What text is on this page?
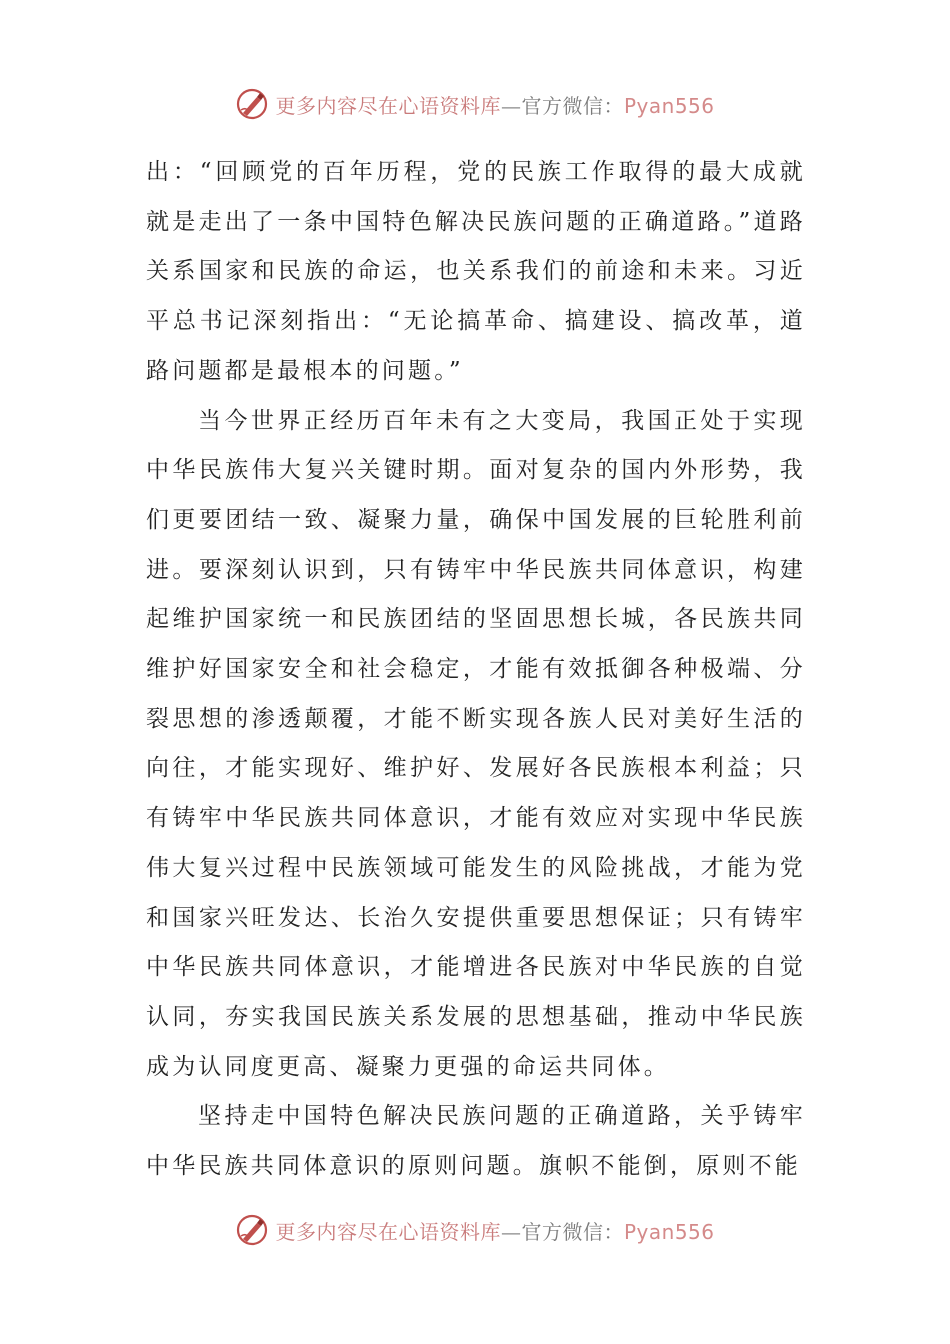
更多内容尽在心语资料库—官方微信：Pyan556

出：“回顾党的百年历程，党的民族工作取得的最大成就就是走出了一条中国特色解决民族问题的正确道路。”道路关系国家和民族的命运，也关系我们的前途和未来。习近平总书记深刻指出：“无论搞革命、搞建设、搞改革，道路问题都是最根本的问题。”

当今世界正经历百年未有之大变局，我国正处于实现中华民族伟大复兴关键时期。面对复杂的国内外形势，我们更要团结一致、凝聚力量，确保中国发展的巨轮胜利前进。要深刻认识到，只有铸牢中华民族共同体意识，构建起维护国家统一和民族团结的坚固思想长城，各民族共同维护好国家安全和社会稳定，才能有效抵御各种极端、分裂思想的渗透颠覆，才能不断实现各族人民对美好生活的向往，才能实现好、维护好、发展好各民族根本利益；只有铸牢中华民族共同体意识，才能有效应对实现中华民族伟大复兴过程中民族领域可能发生的风险挑战，才能为党和国家兴旺发达、长治久安提供重要思想保证；只有铸牢中华民族共同体意识，才能增进各民族对中华民族的自觉认同，夯实我国民族关系发展的思想基础，推动中华民族成为认同度更高、凝聚力更强的命运共同体。

坚持走中国特色解决民族问题的正确道路，关乎铸牢中华民族共同体意识的原则问题。旗帜不能倒，原则不能

更多内容尽在心语资料库—官方微信：Pyan556
